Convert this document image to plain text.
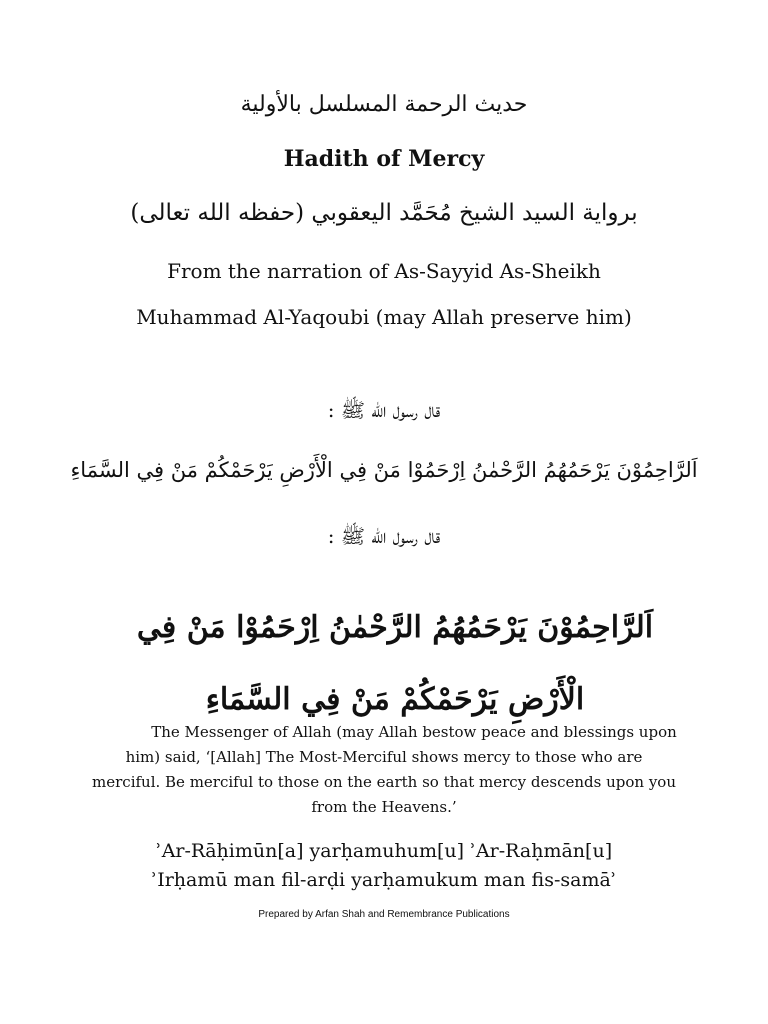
حديث الرحمة المسلسل بالأولية
Hadith of Mercy
برواية السيد الشيخ مُحَمَّد اليعقوبي (حفظه الله تعالى)
From the narration of As-Sayyid As-Sheikh
Muhammad Al-Yaqoubi (may Allah preserve him)
قال رسول الله ﷺ :
اَلرَّاحِمُوْنَ يَرْحَمُهُمُ الرَّحْمٰنُ اِرْحَمُوْا مَنْ فِي الْأَرْضِ يَرْحَمْكُمْ مَنْ فِي السَّمَاءِ
قال رسول الله ﷺ :
اَلرَّاحِمُوْنَ يَرْحَمُهُمُ الرَّحْمٰنُ اِرْحَمُوْا مَنْ فِي الْأَرْضِ يَرْحَمْكُمْ مَنْ فِي السَّمَاءِ
The Messenger of Allah (may Allah bestow peace and blessings upon him) said, ‘[Allah] The Most-Merciful shows mercy to those who are merciful. Be merciful to those on the earth so that mercy descends upon you from the Heavens.’
ʾAr-Rāḥimūn[a] yarḥamuhum[u] ʾAr-Raḥmān[u]
ʾIrḥamū man fil-arḍi yarḥamukum man fis-samāʾ
Prepared by Arfan Shah and Remembrance Publications
